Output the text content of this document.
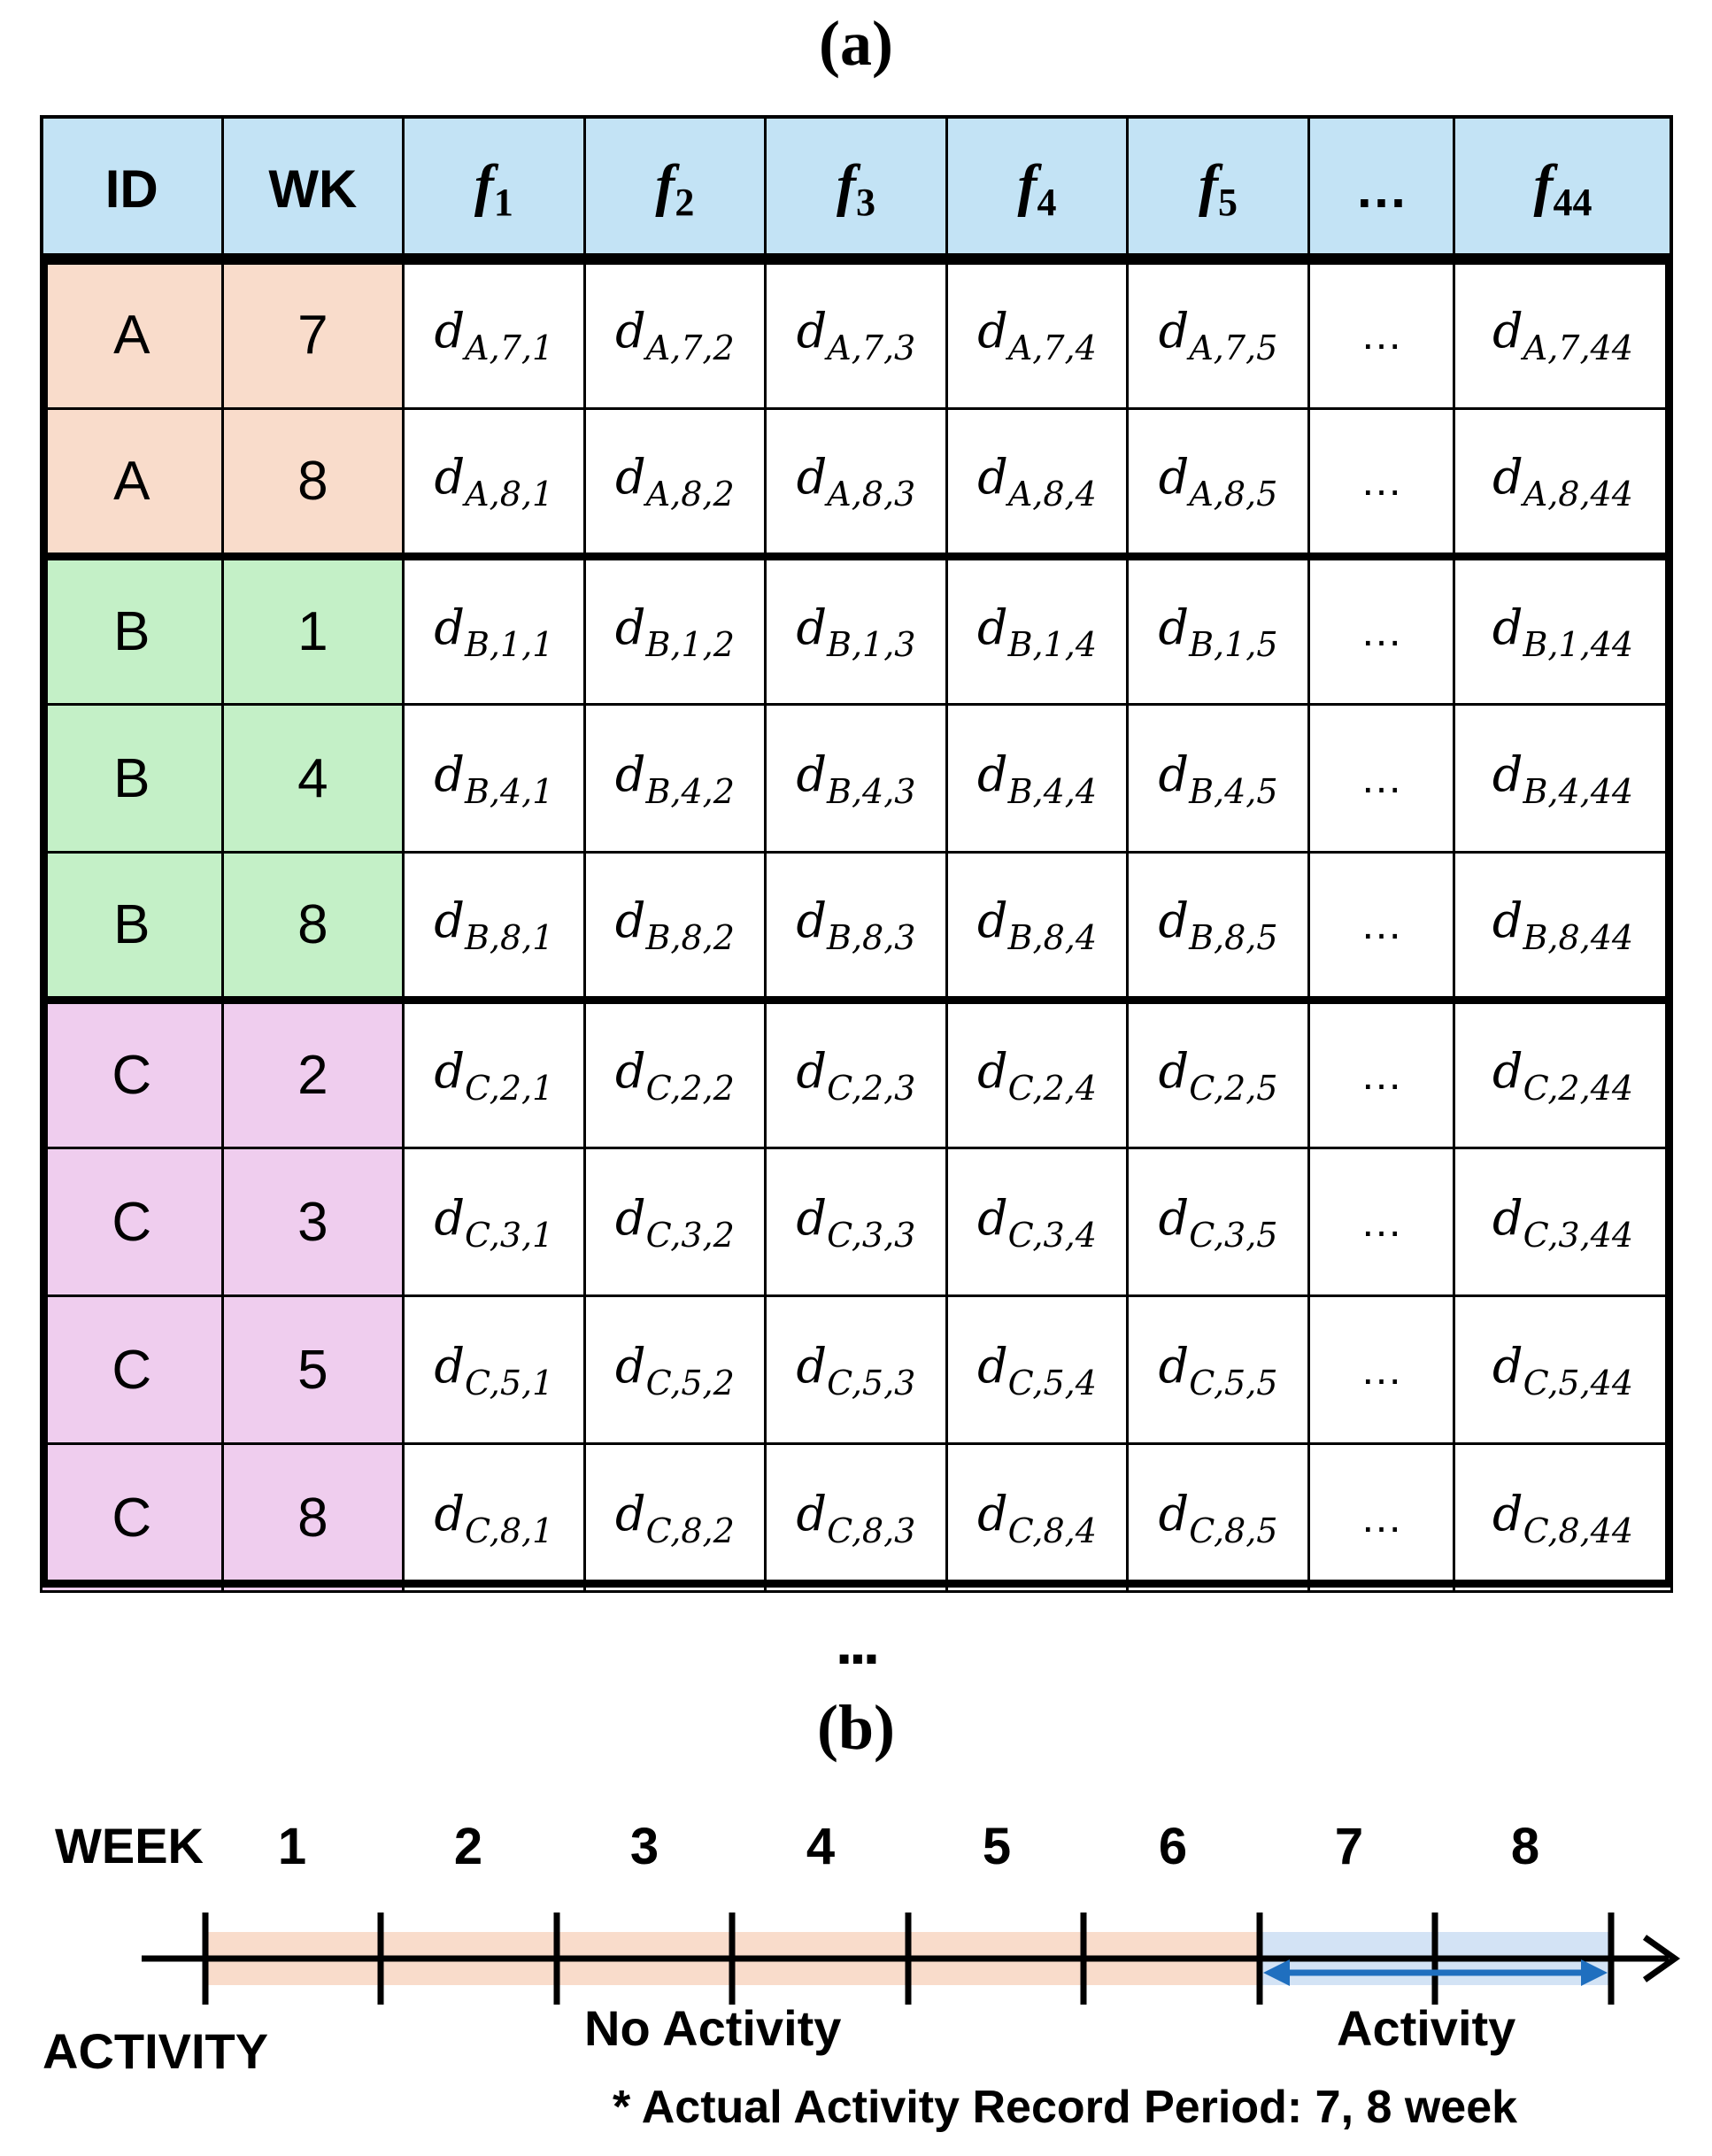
(a)
ID	WK	$f_1$	$f_2$	$f_3$	$f_4$	$f_5$	…	$f_{44}$
A	7	$d_{A,7,1}$	$d_{A,7,2}$	$d_{A,7,3}$	$d_{A,7,4}$	$d_{A,7,5}$	…	$d_{A,7,44}$
A	8	$d_{A,8,1}$	$d_{A,8,2}$	$d_{A,8,3}$	$d_{A,8,4}$	$d_{A,8,5}$	…	$d_{A,8,44}$
B	1	$d_{B,1,1}$	$d_{B,1,2}$	$d_{B,1,3}$	$d_{B,1,4}$	$d_{B,1,5}$	…	$d_{B,1,44}$
B	4	$d_{B,4,1}$	$d_{B,4,2}$	$d_{B,4,3}$	$d_{B,4,4}$	$d_{B,4,5}$	…	$d_{B,4,44}$
B	8	$d_{B,8,1}$	$d_{B,8,2}$	$d_{B,8,3}$	$d_{B,8,4}$	$d_{B,8,5}$	…	$d_{B,8,44}$
C	2	$d_{C,2,1}$	$d_{C,2,2}$	$d_{C,2,3}$	$d_{C,2,4}$	$d_{C,2,5}$	…	$d_{C,2,44}$
C	3	$d_{C,3,1}$	$d_{C,3,2}$	$d_{C,3,3}$	$d_{C,3,4}$	$d_{C,3,5}$	…	$d_{C,3,44}$
C	5	$d_{C,5,1}$	$d_{C,5,2}$	$d_{C,5,3}$	$d_{C,5,4}$	$d_{C,5,5}$	…	$d_{C,5,44}$
C	8	$d_{C,8,1}$	$d_{C,8,2}$	$d_{C,8,3}$	$d_{C,8,4}$	$d_{C,8,5}$	…	$d_{C,8,44}$
...
(b)
WEEK	1	2	3	4	5	6	7	8
ACTIVITY	No Activity	Activity
* Actual Activity Record Period: 7, 8 week
